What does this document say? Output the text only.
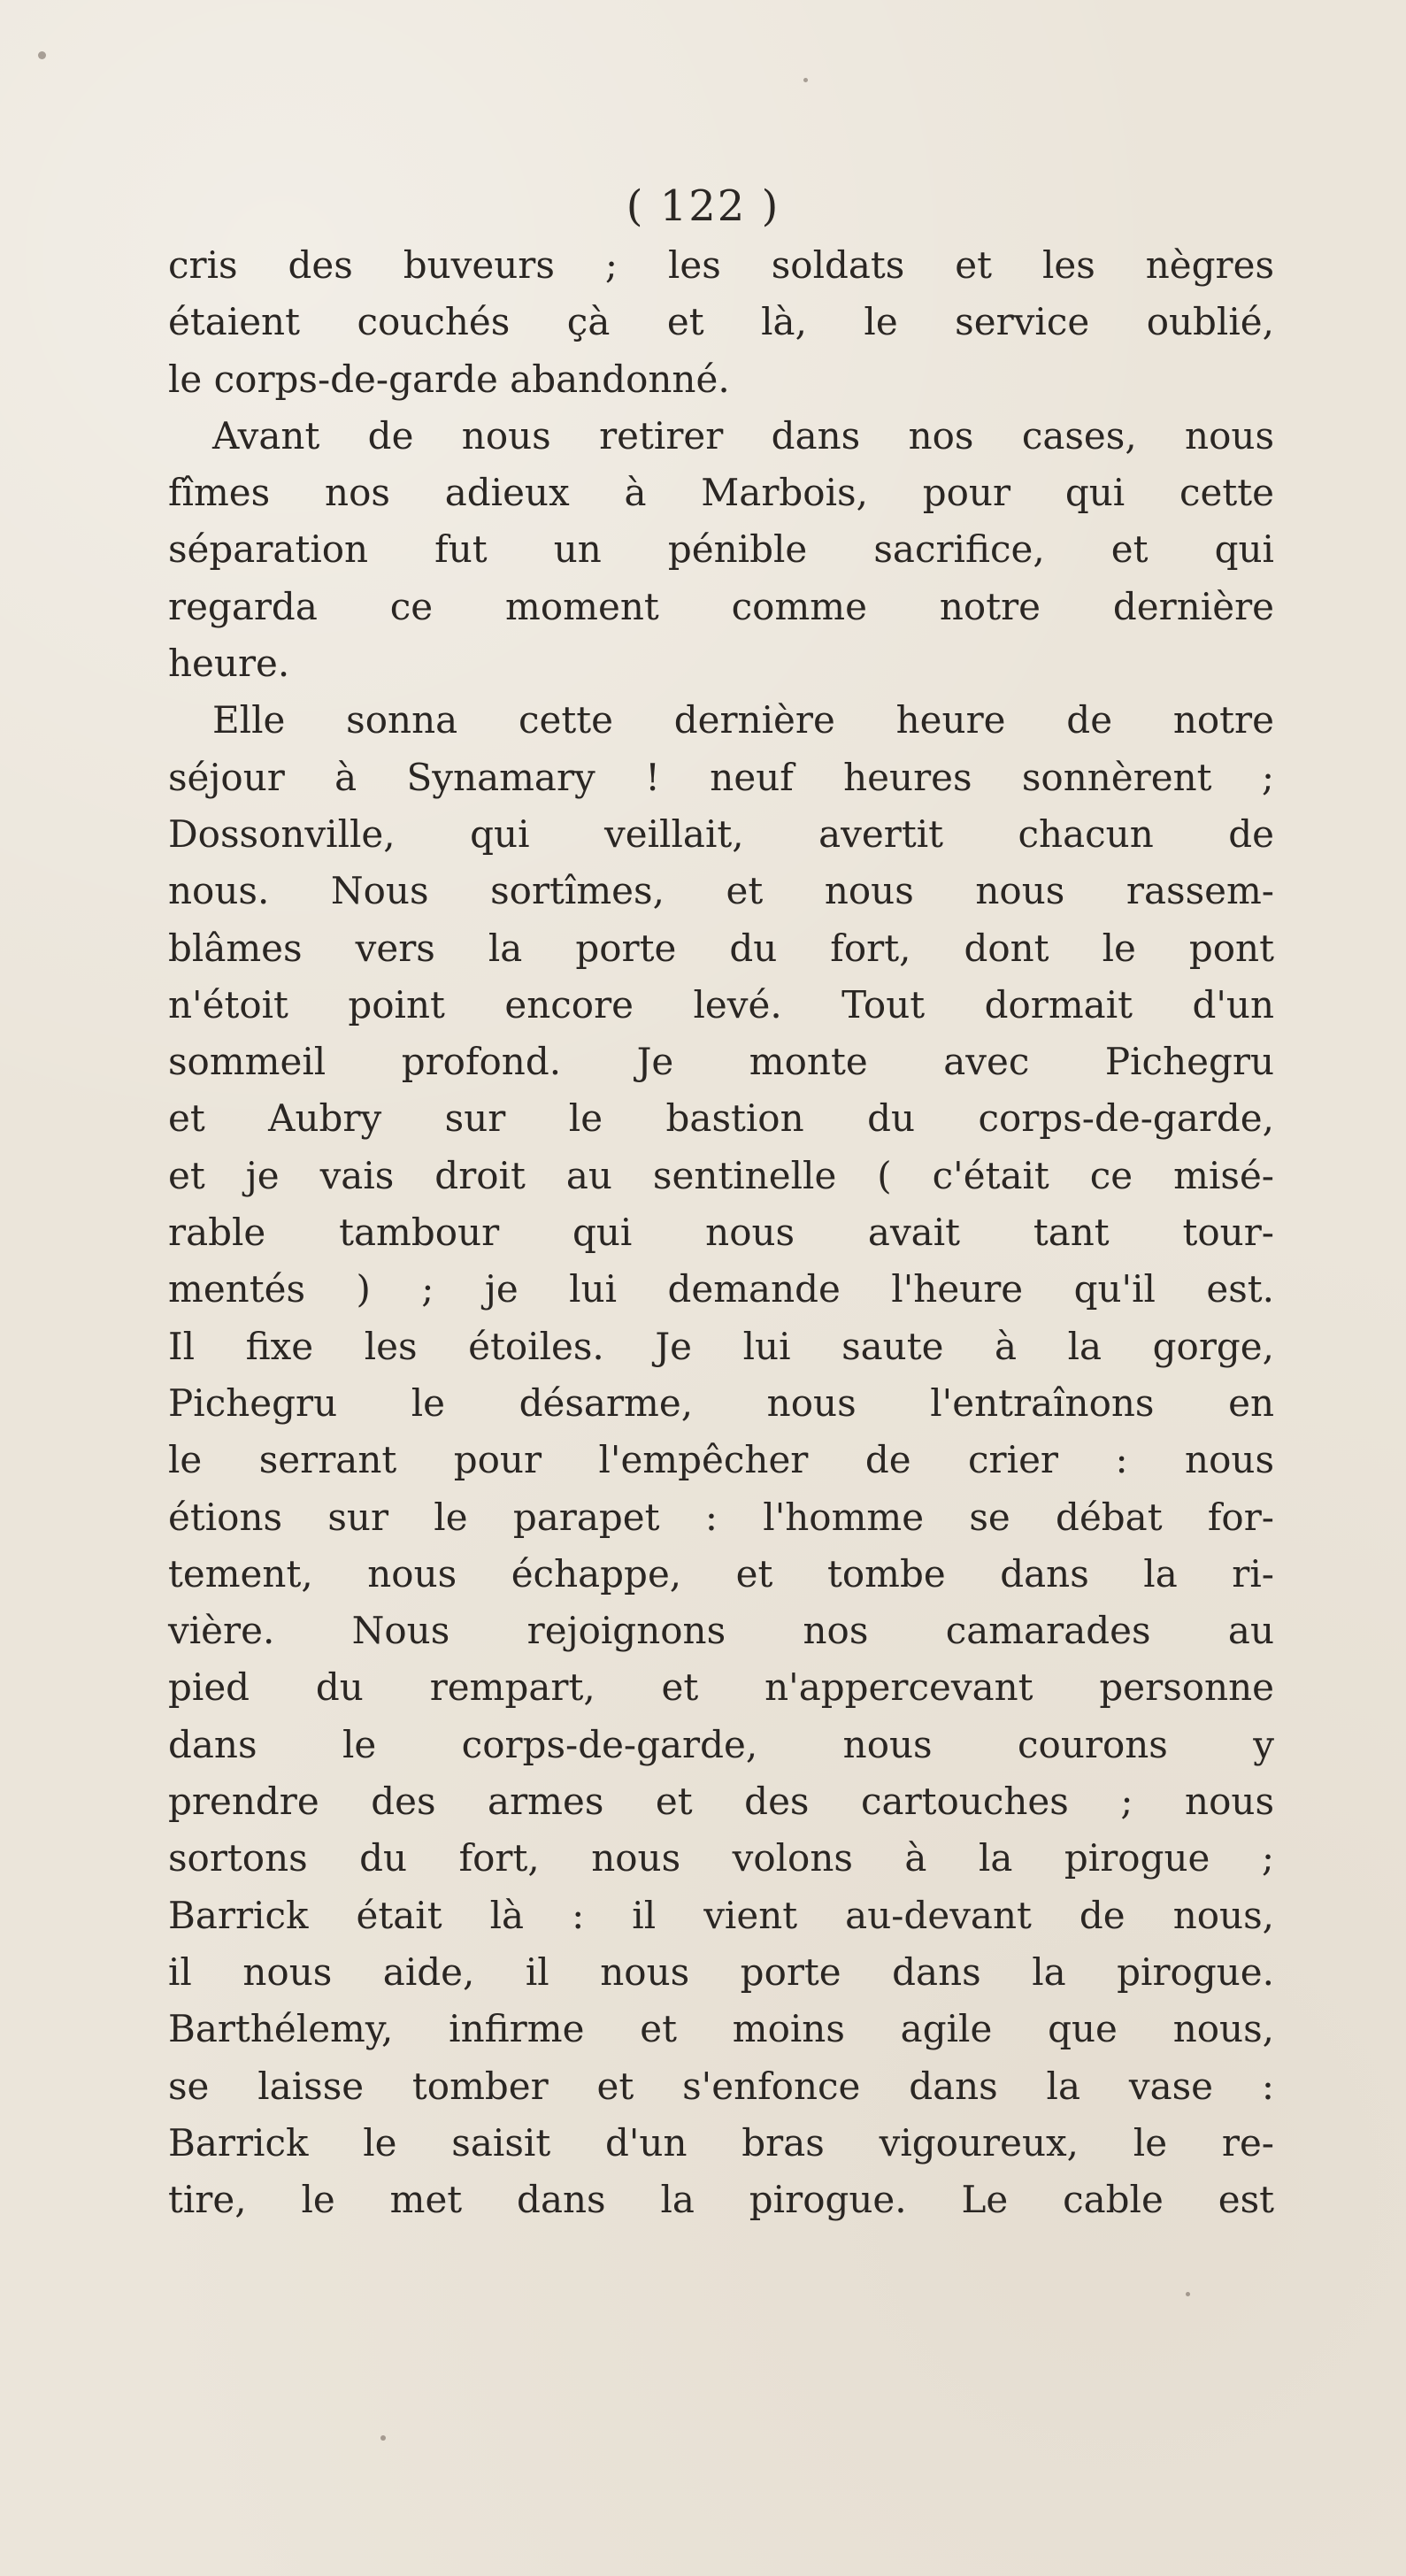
( 122 )
cris des buveurs ; les soldats et les nègres
étaient couchés çà et là, le service oublié,
le corps-de-garde abandonné.
Avant de nous retirer dans nos cases, nous
fîmes nos adieux à Marbois, pour qui cette
séparation fut un pénible sacrifice, et qui
regarda ce moment comme notre dernière
heure.
Elle sonna cette dernière heure de notre
séjour à Synamary ! neuf heures sonnèrent ;
Dossonville, qui veillait, avertit chacun de
nous. Nous sortîmes, et nous nous rassem-
blâmes vers la porte du fort, dont le pont
n'étoit point encore levé. Tout dormait d'un
sommeil profond. Je monte avec Pichegru
et Aubry sur le bastion du corps-de-garde,
et je vais droit au sentinelle ( c'était ce misé-
rable tambour qui nous avait tant tour-
mentés ) ; je lui demande l'heure qu'il est.
Il fixe les étoiles. Je lui saute à la gorge,
Pichegru le désarme, nous l'entraînons en
le serrant pour l'empêcher de crier : nous
étions sur le parapet : l'homme se débat for-
tement, nous échappe, et tombe dans la ri-
vière. Nous rejoignons nos camarades au
pied du rempart, et n'appercevant personne
dans le corps-de-garde, nous courons y
prendre des armes et des cartouches ; nous
sortons du fort, nous volons à la pirogue ;
Barrick était là : il vient au-devant de nous,
il nous aide, il nous porte dans la pirogue.
Barthélemy, infirme et moins agile que nous,
se laisse tomber et s'enfonce dans la vase :
Barrick le saisit d'un bras vigoureux, le re-
tire, le met dans la pirogue. Le cable est
